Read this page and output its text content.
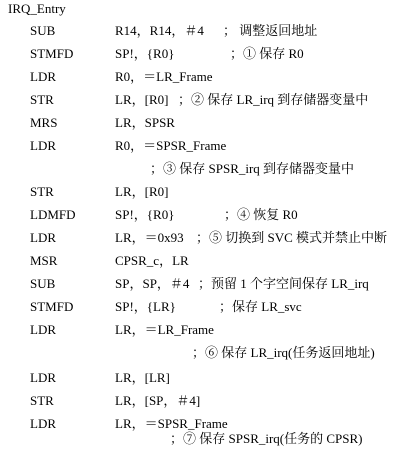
IRQ_Entry
SUB	R14，R14，＃4 ； 调整返回地址
STMFD	SP!，{R0}	；① 保存 R0
LDR	R0，＝LR_Frame
STR	LR，[R0] ；② 保存 LR_irq 到存储器变量中
MRS	LR，SPSR
LDR	R0，＝SPSR_Frame
；③ 保存 SPSR_irq 到存储器变量中
STR	LR，[R0]
LDMFD	SP!，{R0}	；④ 恢复 R0
LDR	LR，＝0x93 ；⑤ 切换到 SVC 模式并禁止中断
MSR	CPSR_c，LR
SUB	SP，SP，＃4 ；预留 1 个字空间保存 LR_irq
STMFD	SP!，{LR}	；保存 LR_svc
LDR	LR，＝LR_Frame
；⑥ 保存 LR_irq(任务返回地址)
LDR	LR，[LR]
STR	LR，[SP，＃4]
LDR	LR，＝SPSR_Frame
；⑦ 保存 SPSR_irq(任务的 CPSR)
